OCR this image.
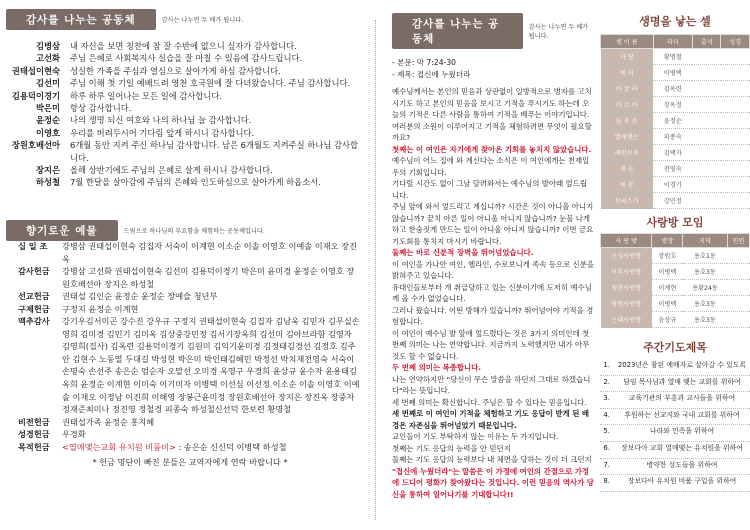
감사를 나누는 공동체	감사는 나누면 두 배가 됩니다.
김병삼	내 자신을 보면 칭찬에 참 잘 수반에 없으니 싶자가 감사합니다.
고선화	주님 은혜로 사회복지사 실습을 잘 마칠 수 있음에 감사드립니다.
권태섭이현숙	성실한 가족을 주심과 열심으로 살아가게 하심 감사합니다.
김선미	주님 이해 첫 기일 예배드려 영천 호국원에 잘 다녀왔습니다. 주님 감사합니다.
김용덕이경기	하루 하루 일어나는 모든 일에 감사합니다.
박은미	항상 감사합니다.
윤정순	나의 생명 되신 여호와 나의 하나님 늘 감사합니다.
이영호	우리를 버려두시어 기다림 앞게 하시니 감사합니다.
장원호배선아	6개월 동안 지켜 주신 하나님 감사합니다. 남은 6개월도 지켜주실 하나님 감사합니다.
장지은	올해 상반기에도 주님의 은혜로 살게 하시니 감사합니다.
하성철	7월 한달을 살아감에 주님의 은혜와 인도하심으로 살아가게 하옵소서.
향기로운 예물	드림으로 하나님의 부요함을 체험하는 공동체입니다.
십 일 조	강병삼 권태섭이현숙 김집자 서숙이 이계현 이소순 이솔 이영호 이예솔 이재오 장진옥
감사헌금	강병삼 고선화 권태섭이현숙 김선미 김용덕이경기 박은미 윤미경 윤정순 이영호 장원호배선아 장지은 하성철
선교헌금	권태섭 김인순 윤정순 윤정순 장예슬 청년부
구제헌금	구정지 윤정순 이계현
맥추감사	강기우김서미곤 강수진 강우규 구정지 권태섭이현숙 김집자 김남욱 김믿자 김무실손영희 김미경 김민기 김미옥 김상중강민정 김서기장옥희 김선미 김아브라함 김영자 김영희(집사) 김옥련 김용덕이경기 김원미 김익기윤미경 김정태김경선 김정호 김주안 김현수 노동열 두대길 박성현 박은미 박인태김혜민 박정선 박치재전영숙 서숙이 손명숙 손선주 송은순 엄순자 오말선 오미경 옥영구 우경희 윤상규 윤수자 윤용태김옥희 윤정순 이계현 이미숙 이기미자 이병택 이선심 이선정 이소순 이솔 이영호 이예솔 이재오 이정남 이진희 이해영 장봉근윤미정 장원호배선아 장지은 장진옥 장중자 정재준최미나 정진영 정철경 피종숙 하성철신선덕 한보련 황명철
비전헌금	권태섭가족 윤정순 홍지혜
성경헌금	우경화
목적헌금	<열매맺는교회 유치원 비품비> : 송은순 신신덕 이병택 하성철
* 헌금 명단이 빠진 분들은 교역자에게 연락 바랍니다 *
감사를 나누는 공동체
감사는 나누면 두 배가 됩니다.
- 본문: 막 7:24-30
- 제목: 접신에 누웠더라

예수님께서는 본인의 믿음과 상관없이 일방적으로 병자를 고치시기도 하고 본인의 믿음을 보시고 기적을 푸시기도 하는데 오늘의 기적은 다른 사람을 통하여 기적을 베푸는 이야기입니다.

여러분의 소원이 이루어지고 기적을 체험하려면 무엇이 필요할까요?

첫째는 이 여인은 자기에게 찾아온 기회를 놓치지 않았습니다.

예수님이 어느 집에 와 계신다는 소식은 이 여인에게는 천재일우의 기회입니다.

기다릴 시간도 없이 그날 달려와서는 예수님의 발아래 엎드립니다.

주님 앞에 와서 엎드리고 계십니까? 시간은 것이 아니울 아니지 않습니까? 끝치 아른 일이 아니울 아니지 않습니까? 눈물 나게 하고 한숨짓게 만드는 일이 아니울 아니지 않습니까? 이번 금요기도회를 통치지 마시기 바랍니다.

둘째는 바로 신분적 장벽을 뛰어넘었습니다.

이 여인을 가나안 여인, 헬라인, 수로보니게 족속 등으로 신분을 밝혀주고 있습니다.

유대인들로부터 개 취급당하고 있는 신분이기에 도저히 예수님께 올 수가 없었습니다.

그러나 왔습니다. 어떤 방해가 있습니까? 뛰어넘어야 기적을 경험합니다.

이 여인이 예수님 발 앞에 엎드렸다는 것은 3가지 의미인데 첫 번째 의미는 나는 연약합니다. 지금까지 노력했지만 내가 아무것도 할 수 없습니다.

두 번째 의미는 복종합니다.

나는 연약하지만 "당신이 무슨 말씀을 하던지 그대로 하겠습니다"라는 뜻입니다.

세 번째 의미는 확신합니다. 주님은 할 수 있다는 믿음입니다.

세 번째로 이 여인이 기적을 체험하고 기도 응답이 받게 된 배경은 자존심을 뛰어넘었기 때문입니다.

교인들이 기도 부탁하지 않는 이유는 두 가지입니다.

첫째는 기도 응답의 능력을 안 믿던지

둘째는 기도 응답의 능력보다 내 체면을 당하는 것이 더 크던지

"접신에 누웠더라"는 말씀은 이 가정에 여인의 간절으로 가정에 드디어 평화가 찾아왔다는 것입니다. 이런 믿음의 역사가 당신을 통하여 일어나기를 기대합니다!!

생명을 낳는 셀
셀 이 름	리더	출석	성경
사 랑	황명철		
에 리	이병택		
아 굴 라	김옥련		
마 르 아	장옥정		
늘 푸 른	윤정순		
열매맺는	피종숙		
레인보우	김택자		
새 순	전영숙		
에 봉	이경기		
브리스가	강민정		
사랑방 모임
사 랑 방	방장	지역	인원
군성사랑방	장원호	용호1동	
아후사랑방	이병택	용호3동	
청룡사랑방	이계현	용황24동	
땅원사랑방	이병택	용호3동	
은혜사랑방	윤상규	용호3동	
주간기도제목
1.	2023년은 참된 예배자로 살아갈 수 있도록
2.	담임 목사님과 열매 맺는 교회를 위하여
3.	교육기관의 부흥과 교사들을 위하여
4.	후원하는 선교지와 국내 교회를 위하여
5.	나라와 민족을 위하여
6.	장보다아 교회 열매맺는 유치원을 위하여
7.	병약한 성도들을 위하여
8.	장보다아 유치원 비품 구입을 위하여
